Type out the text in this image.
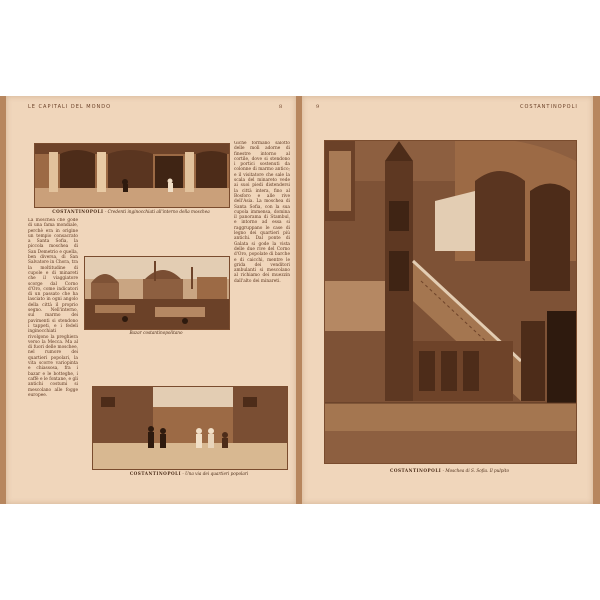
LE CAPITALI DEL MONDO	8
COSTANTINOPOLI - Credenti inginocchiati all'interno della moschea
Bazar costantinopolitano
COSTANTINOPOLI - Una via dei quartieri popolari

La moschea che gode di una fama mondiale, perchè era in origine un tempio consacrato a Santa Sofia, la piccola moschea di San Demetrio e quella, ben diversa, di San Salvatore in Chora, tra la moltitudine di cupole e di minareti che il viaggiatore scorge dal Corno d'Oro, come indicatori di un passato che ha lasciato in ogni angolo della città il proprio segno. Nell'interno, sul marmo dei pavimenti si stendono i tappeti, e i fedeli inginocchiati rivolgono la preghiera verso la Mecca. Ma al di fuori delle moschee, nel rumore dei quartieri popolari, la vita scorre variopinta e chiassosa, fra i bazar e le botteghe, i caffè e le fontane, e gli antichi costumi si mescolano alle fogge europee.

Giche formano salotto delle moli adorne di finestre intorno al cortile, dove si stendono i portici sostenuti da colonne di marmo antico; e il visitatore che sale la scala del minareto vede ai suoi piedi distendersi la città intera, fino al Bosforo e alle rive dell'Asia. La moschea di Santa Sofia, con la sua cupola immensa, domina il panorama di Stambul, e intorno ad essa si raggruppano le case di legno dei quartieri più antichi. Dal ponte di Galata si gode la vista delle due rive del Corno d'Oro, popolate di barche e di caicchi, mentre le grida dei venditori ambulanti si mescolano al richiamo dei muezzin dall'alto dei minareti.

COSTANTINOPOLI
9
COSTANTINOPOLI - Moschea di S. Sofia. Il pulpito
